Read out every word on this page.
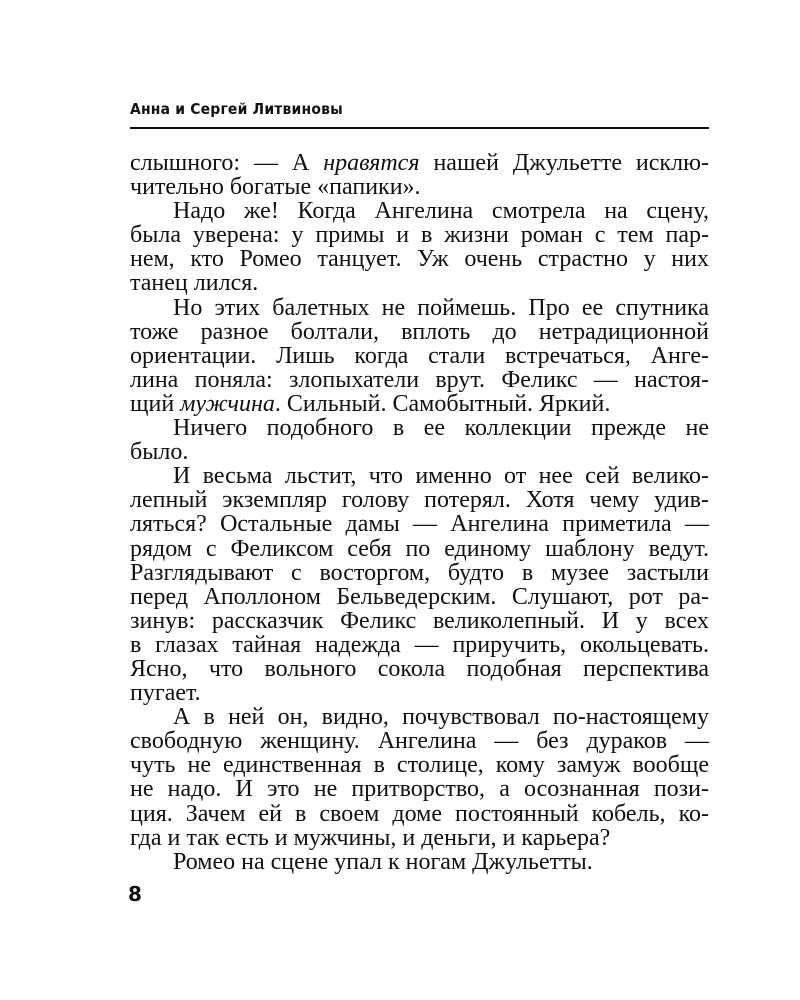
Анна и Сергей Литвиновы
слышного: — А нравятся нашей Джульетте исклю-
чительно богатые «папики».
Надо же! Когда Ангелина смотрела на сцену,
была уверена: у примы и в жизни роман с тем пар-
нем, кто Ромео танцует. Уж очень страстно у них
танец лился.
Но этих балетных не поймешь. Про ее спутника
тоже разное болтали, вплоть до нетрадиционной
ориентации. Лишь когда стали встречаться, Анге-
лина поняла: злопыхатели врут. Феликс — настоя-
щий мужчина. Сильный. Самобытный. Яркий.
Ничего подобного в ее коллекции прежде не
было.
И весьма льстит, что именно от нее сей велико-
лепный экземпляр голову потерял. Хотя чему удив-
ляться? Остальные дамы — Ангелина приметила —
рядом с Феликсом себя по единому шаблону ведут.
Разглядывают с восторгом, будто в музее застыли
перед Аполлоном Бельведерским. Слушают, рот ра-
зинув: рассказчик Феликс великолепный. И у всех
в глазах тайная надежда — приручить, окольцевать.
Ясно, что вольного сокола подобная перспектива
пугает.
А в ней он, видно, почувствовал по-настоящему
свободную женщину. Ангелина — без дураков —
чуть не единственная в столице, кому замуж вообще
не надо. И это не притворство, а осознанная пози-
ция. Зачем ей в своем доме постоянный кобель, ко-
гда и так есть и мужчины, и деньги, и карьера?
Ромео на сцене упал к ногам Джульетты.
8
